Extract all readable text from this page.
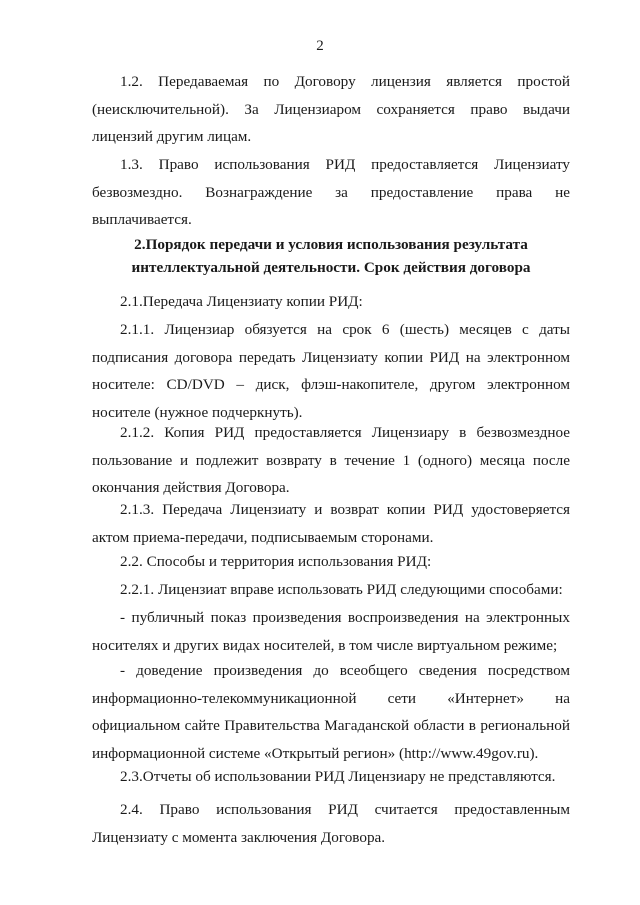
2

1.2. Передаваемая по Договору лицензия является простой (неисключительной). За Лицензиаром сохраняется право выдачи лицензий другим лицам.

1.3. Право использования РИД предоставляется Лицензиату безвозмездно. Вознаграждение за предоставление права не выплачивается.

2.Порядок передачи и условия использования результата

интеллектуальной деятельности. Срок действия договора

2.1.Передача Лицензиату копии РИД:

2.1.1. Лицензиар обязуется на срок 6 (шесть) месяцев с даты подписания договора передать Лицензиату копии РИД на электронном носителе: CD/DVD – диск, флэш-накопителе, другом электронном носителе (нужное подчеркнуть).

2.1.2. Копия РИД предоставляется Лицензиару в безвозмездное пользование и подлежит возврату в течение 1 (одного) месяца после окончания действия Договора.

2.1.3. Передача Лицензиату и возврат копии РИД удостоверяется актом приема-передачи, подписываемым сторонами.

2.2. Способы и территория использования РИД:

2.2.1. Лицензиат вправе использовать РИД следующими способами:

- публичный показ произведения воспроизведения на электронных носителях и других видах носителей, в том числе виртуальном режиме;

- доведение произведения до всеобщего сведения посредством информационно-телекоммуникационной сети «Интернет» на официальном сайте Правительства Магаданской области в региональной информационной системе «Открытый регион» (http://www.49gov.ru).

2.3.Отчеты об использовании РИД Лицензиару не представляются.

2.4. Право использования РИД считается предоставленным Лицензиату с момента заключения Договора.
